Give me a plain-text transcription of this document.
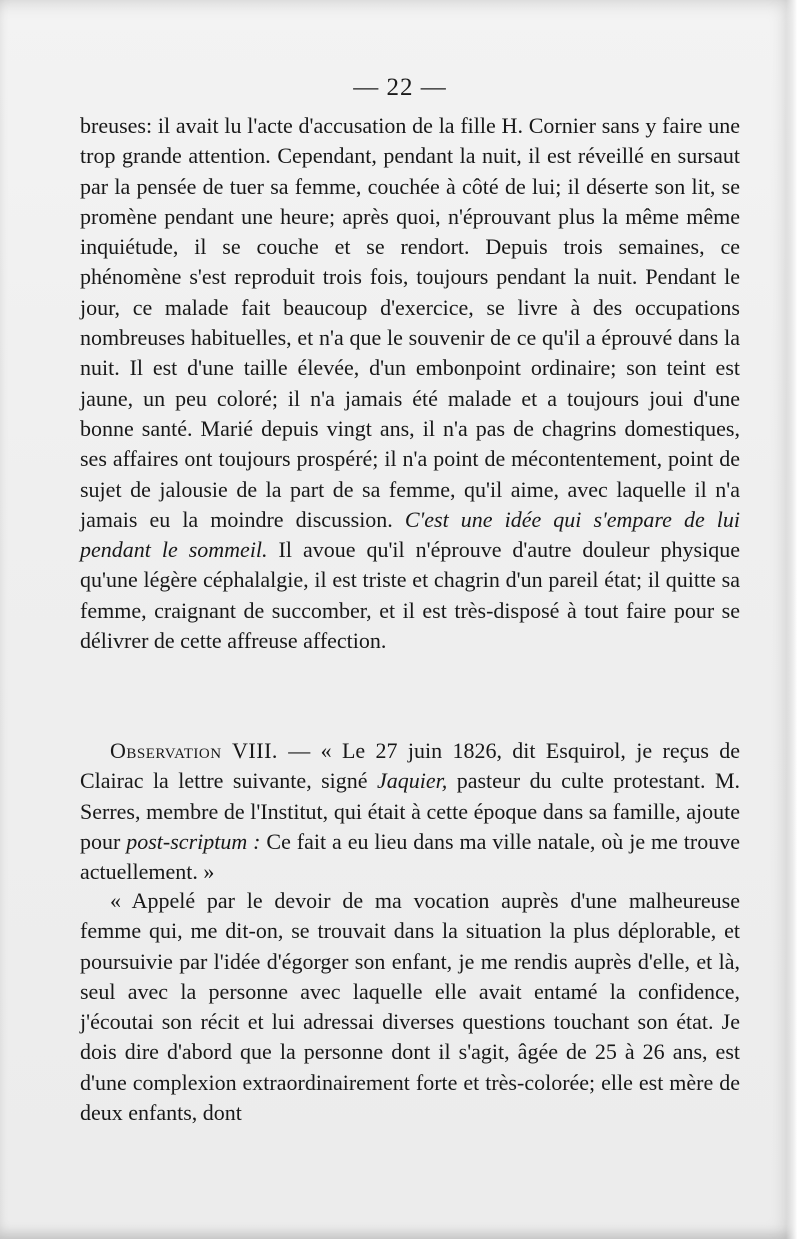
— 22 —

breuses: il avait lu l'acte d'accusation de la fille H. Cornier sans y faire une trop grande attention. Cependant, pendant la nuit, il est réveillé en sursaut par la pensée de tuer sa femme, couchée à côté de lui; il déserte son lit, se promène pendant une heure; après quoi, n'éprouvant plus la même même inquiétude, il se couche et se rendort. Depuis trois semaines, ce phénomène s'est reproduit trois fois, toujours pendant la nuit. Pendant le jour, ce malade fait beaucoup d'exercice, se livre à des occupations nombreuses habituelles, et n'a que le souvenir de ce qu'il a éprouvé dans la nuit. Il est d'une taille élevée, d'un embonpoint ordinaire; son teint est jaune, un peu coloré; il n'a jamais été malade et a toujours joui d'une bonne santé. Marié depuis vingt ans, il n'a pas de chagrins domestiques, ses affaires ont toujours prospéré; il n'a point de mécontentement, point de sujet de jalousie de la part de sa femme, qu'il aime, avec laquelle il n'a jamais eu la moindre discussion. C'est une idée qui s'empare de lui pendant le sommeil. Il avoue qu'il n'éprouve d'autre douleur physique qu'une légère céphalalgie, il est triste et chagrin d'un pareil état; il quitte sa femme, craignant de succomber, et il est très-disposé à tout faire pour se délivrer de cette affreuse affection.

Observation VIII. — « Le 27 juin 1826, dit Esquirol, je reçus de Clairac la lettre suivante, signé Jaquier, pasteur du culte protestant. M. Serres, membre de l'Institut, qui était à cette époque dans sa famille, ajoute pour post-scriptum : Ce fait a eu lieu dans ma ville natale, où je me trouve actuellement. »

« Appelé par le devoir de ma vocation auprès d'une malheureuse femme qui, me dit-on, se trouvait dans la situation la plus déplorable, et poursuivie par l'idée d'égorger son enfant, je me rendis auprès d'elle, et là, seul avec la personne avec laquelle elle avait entamé la confidence, j'écoutai son récit et lui adressai diverses questions touchant son état. Je dois dire d'abord que la personne dont il s'agit, âgée de 25 à 26 ans, est d'une complexion extraordinairement forte et très-colorée; elle est mère de deux enfants, dont
